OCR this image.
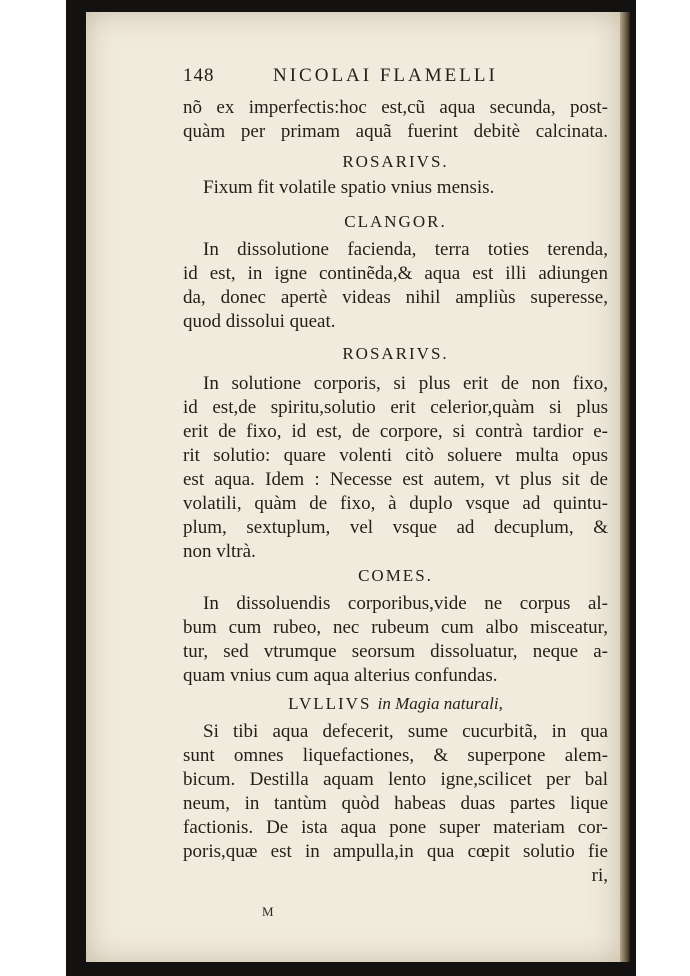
148	NICOLAI FLAMELLI
nõ ex imperfectis:hoc est,cũ aqua secunda, post-
quàm per primam aquã fuerint debitè calcinata.
ROSARIVS.
Fixum fit volatile spatio vnius mensis.
CLANGOR.
In dissolutione facienda, terra toties terenda,
id est, in igne continẽda,& aqua est illi adiungen
da, donec apertè videas nihil ampliùs superesse,
quod dissolui queat.
ROSARIVS.
In solutione corporis, si plus erit de non fixo,
id est,de spiritu,solutio erit celerior,quàm si plus
erit de fixo, id est, de corpore, si contrà tardior e-
rit solutio: quare volenti citò soluere multa opus
est aqua. Idem : Necesse est autem, vt plus sit de
volatili, quàm de fixo, à duplo vsque ad quintu-
plum, sextuplum, vel vsque ad decuplum, &
non vltrà.
COMES.
In dissoluendis corporibus,vide ne corpus al-
bum cum rubeo, nec rubeum cum albo misceatur,
tur, sed vtrumque seorsum dissoluatur, neque a-
quam vnius cum aqua alterius confundas.
LVLLIVS in Magia naturali,
Si tibi aqua defecerit, sume cucurbitã, in qua
sunt omnes liquefactiones, & superpone alem-
bicum. Destilla aquam lento igne,scilicet per bal
neum, in tantùm quòd habeas duas partes lique
factionis. De ista aqua pone super materiam cor-
poris,quæ est in ampulla,in qua cœpit solutio fie
ri,
M
